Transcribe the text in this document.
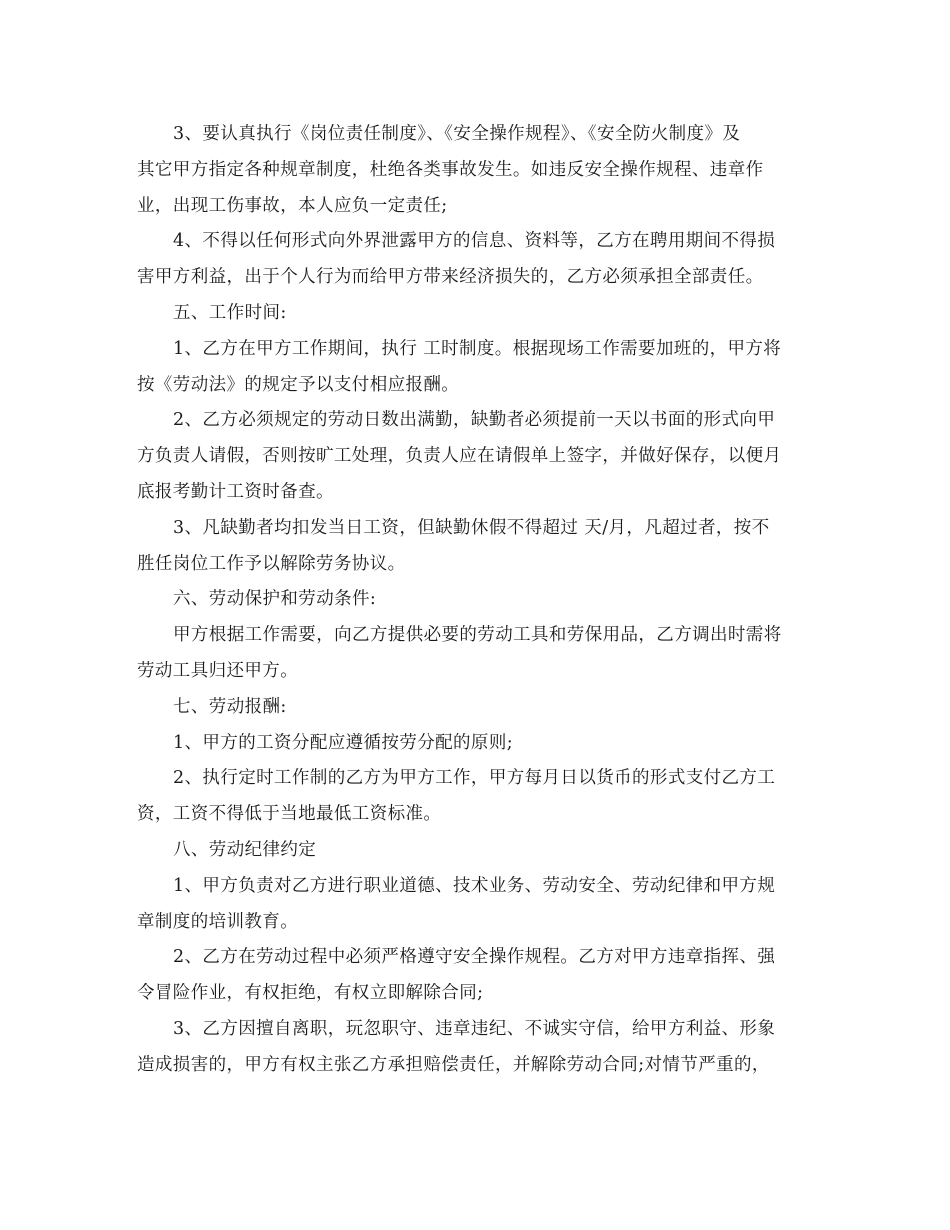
3、要认真执行《岗位责任制度》、《安全操作规程》、《安全防火制度》及
其它甲方指定各种规章制度，杜绝各类事故发生。如违反安全操作规程、违章作
业，出现工伤事故，本人应负一定责任;
4、不得以任何形式向外界泄露甲方的信息、资料等，乙方在聘用期间不得损
害甲方利益，出于个人行为而给甲方带来经济损失的，乙方必须承担全部责任。
五、工作时间:
1、乙方在甲方工作期间，执行 工时制度。根据现场工作需要加班的，甲方将
按《劳动法》的规定予以支付相应报酬。
2、乙方必须规定的劳动日数出满勤，缺勤者必须提前一天以书面的形式向甲
方负责人请假，否则按旷工处理，负责人应在请假单上签字，并做好保存，以便月
底报考勤计工资时备查。
3、凡缺勤者均扣发当日工资，但缺勤休假不得超过 天/月，凡超过者，按不
胜任岗位工作予以解除劳务协议。
六、劳动保护和劳动条件:
甲方根据工作需要，向乙方提供必要的劳动工具和劳保用品，乙方调出时需将
劳动工具归还甲方。
七、劳动报酬:
1、甲方的工资分配应遵循按劳分配的原则;
2、执行定时工作制的乙方为甲方工作，甲方每月日以货币的形式支付乙方工
资，工资不得低于当地最低工资标准。
八、劳动纪律约定
1、甲方负责对乙方进行职业道德、技术业务、劳动安全、劳动纪律和甲方规
章制度的培训教育。
2、乙方在劳动过程中必须严格遵守安全操作规程。乙方对甲方违章指挥、强
令冒险作业，有权拒绝，有权立即解除合同;
3、乙方因擅自离职，玩忽职守、违章违纪、不诚实守信，给甲方利益、形象
造成损害的，甲方有权主张乙方承担赔偿责任，并解除劳动合同;对情节严重的，
